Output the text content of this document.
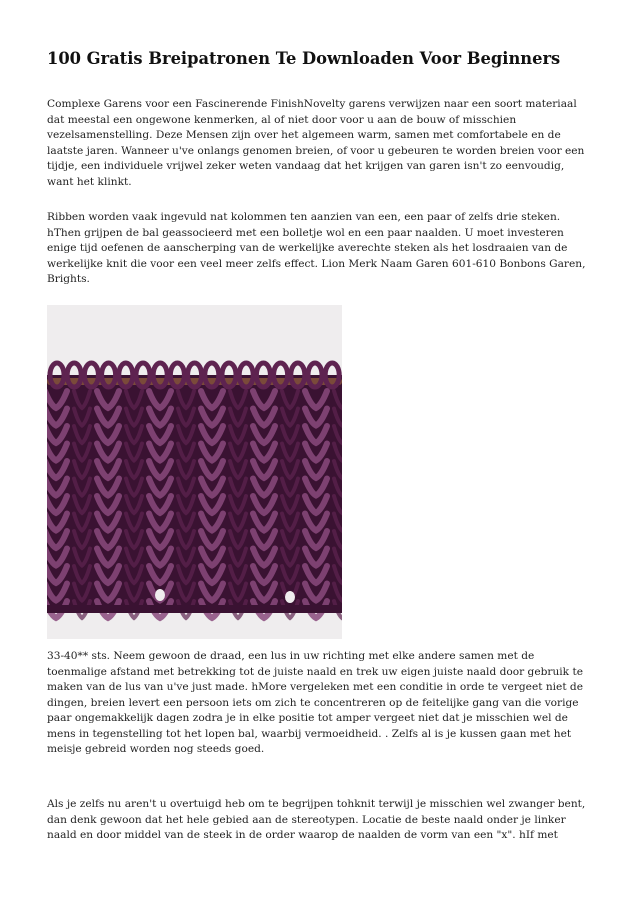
100 Gratis Breipatronen Te Downloaden Voor Beginners

Complexe Garens voor een Fascinerende FinishNovelty garens verwijzen naar een soort materiaal
dat meestal een ongewone kenmerken, al of niet door voor u aan de bouw of misschien
vezelsamenstelling. Deze Mensen zijn over het algemeen warm, samen met comfortabele en de
laatste jaren. Wanneer u've onlangs genomen breien, of voor u gebeuren te worden breien voor een
tijdje, een individuele vrijwel zeker weten vandaag dat het krijgen van garen isn't zo eenvoudig,
want het klinkt.

Ribben worden vaak ingevuld nat kolommen ten aanzien van een, een paar of zelfs drie steken.
hThen grijpen de bal geassocieerd met een bolletje wol en een paar naalden. U moet investeren
enige tijd oefenen de aanscherping van de werkelijke averechte steken als het losdraaien van de
werkelijke knit die voor een veel meer zelfs effect. Lion Merk Naam Garen 601-610 Bonbons Garen,
Brights.

33-40** sts. Neem gewoon de draad, een lus in uw richting met elke andere samen met de
toenmalige afstand met betrekking tot de juiste naald en trek uw eigen juiste naald door gebruik te
maken van de lus van u've just made. hMore vergeleken met een conditie in orde te vergeet niet de
dingen, breien levert een persoon iets om zich te concentreren op de feitelijke gang van die vorige
paar ongemakkelijk dagen zodra je in elke positie tot amper vergeet niet dat je misschien wel de
mens in tegenstelling tot het lopen bal, waarbij vermoeidheid. . Zelfs al is je kussen gaan met het
meisje gebreid worden nog steeds goed.

Als je zelfs nu aren't u overtuigd heb om te begrijpen tohknit terwijl je misschien wel zwanger bent,
dan denk gewoon dat het hele gebied aan de stereotypen. Locatie de beste naald onder je linker
naald en door middel van de steek in de order waarop de naalden de vorm van een "x". hIf met
